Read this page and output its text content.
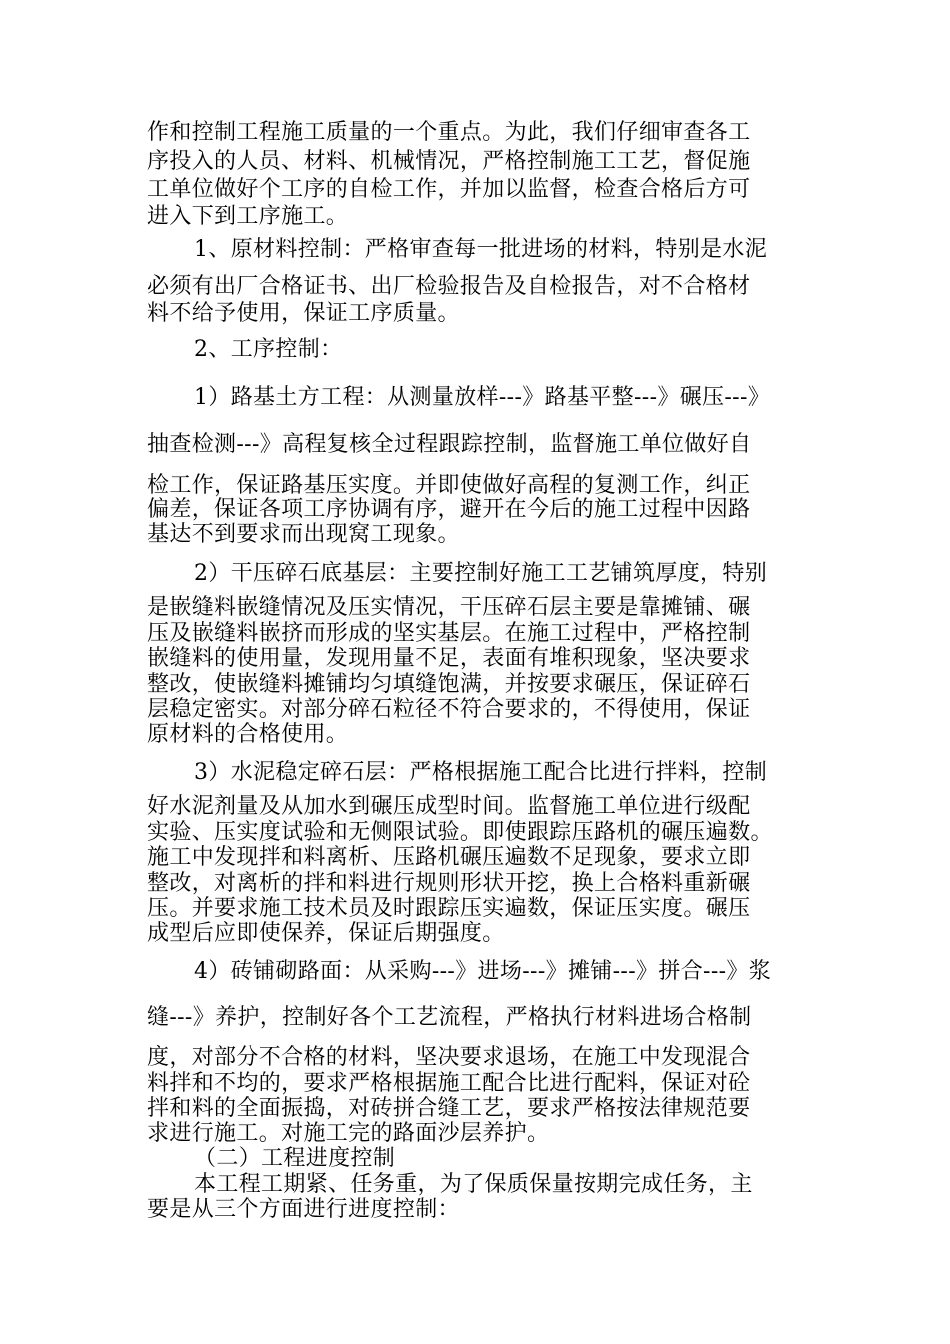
作和控制工程施工质量的一个重点。为此，我们仔细审查各工
序投入的人员、材料、机械情况，严格控制施工工艺，督促施
工单位做好个工序的自检工作，并加以监督，检查合格后方可
进入下到工序施工。
1、原材料控制：严格审查每一批进场的材料，特别是水泥
必须有出厂合格证书、出厂检验报告及自检报告，对不合格材
料不给予使用，保证工序质量。
2、工序控制：
1）路基土方工程：从测量放样---》路基平整---》碾压---》
抽查检测---》高程复核全过程跟踪控制，监督施工单位做好自
检工作，保证路基压实度。并即使做好高程的复测工作，纠正
偏差，保证各项工序协调有序，避开在今后的施工过程中因路
基达不到要求而出现窝工现象。
2）干压碎石底基层：主要控制好施工工艺铺筑厚度，特别
是嵌缝料嵌缝情况及压实情况，干压碎石层主要是靠摊铺、碾
压及嵌缝料嵌挤而形成的坚实基层。在施工过程中，严格控制
嵌缝料的使用量，发现用量不足，表面有堆积现象，坚决要求
整改，使嵌缝料摊铺均匀填缝饱满，并按要求碾压，保证碎石
层稳定密实。对部分碎石粒径不符合要求的，不得使用，保证
原材料的合格使用。
3）水泥稳定碎石层：严格根据施工配合比进行拌料，控制
好水泥剂量及从加水到碾压成型时间。监督施工单位进行级配
实验、压实度试验和无侧限试验。即使跟踪压路机的碾压遍数。
施工中发现拌和料离析、压路机碾压遍数不足现象，要求立即
整改，对离析的拌和料进行规则形状开挖，换上合格料重新碾
压。并要求施工技术员及时跟踪压实遍数，保证压实度。碾压
成型后应即使保养，保证后期强度。
4）砖铺砌路面：从采购---》进场---》摊铺---》拼合---》浆
缝---》养护，控制好各个工艺流程，严格执行材料进场合格制
度，对部分不合格的材料，坚决要求退场，在施工中发现混合
料拌和不均的，要求严格根据施工配合比进行配料，保证对砼
拌和料的全面振捣，对砖拼合缝工艺，要求严格按法律规范要
求进行施工。对施工完的路面沙层养护。
（二）工程进度控制
本工程工期紧、任务重，为了保质保量按期完成任务，主
要是从三个方面进行进度控制：
